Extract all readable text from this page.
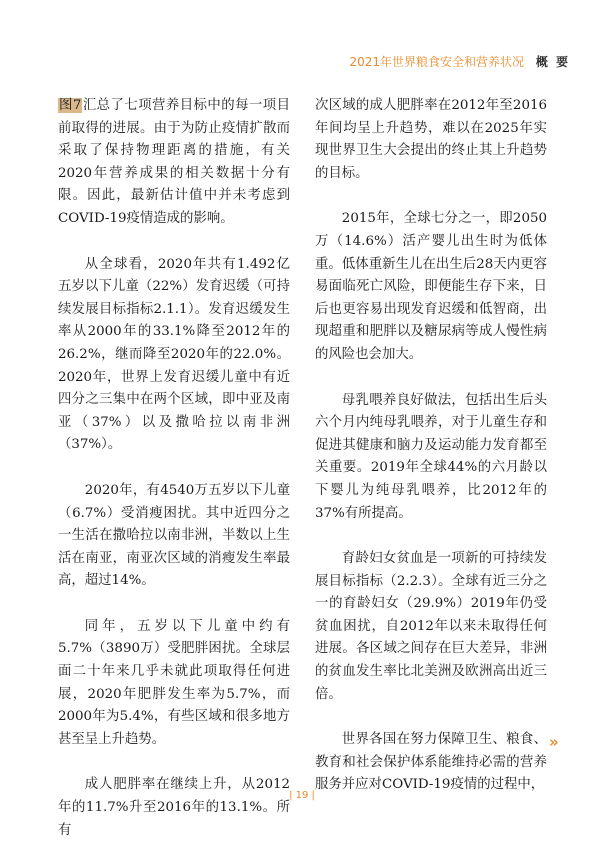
2021年世界粮食安全和营养状况 概 要

图7汇总了七项营养目标中的每一项目前取得的进展。由于为防止疫情扩散而采取了保持物理距离的措施，有关2020年营养成果的相关数据十分有限。因此，最新估计值中并未考虑到COVID-19疫情造成的影响。

从全球看，2020年共有1.492亿五岁以下儿童（22%）发育迟缓（可持续发展目标指标2.1.1）。发育迟缓发生率从2000年的33.1%降至2012年的26.2%，继而降至2020年的22.0%。2020年，世界上发育迟缓儿童中有近四分之三集中在两个区域，即中亚及南亚（37%）以及撒哈拉以南非洲（37%）。

2020年，有4540万五岁以下儿童（6.7%）受消瘦困扰。其中近四分之一生活在撒哈拉以南非洲，半数以上生活在南亚，南亚次区域的消瘦发生率最高，超过14%。

同年，五岁以下儿童中约有5.7%（3890万）受肥胖困扰。全球层面二十年来几乎未就此项取得任何进展，2020年肥胖发生率为5.7%，而2000年为5.4%，有些区域和很多地方甚至呈上升趋势。

成人肥胖率在继续上升，从2012年的11.7%升至2016年的13.1%。所有

次区域的成人肥胖率在2012年至2016年间均呈上升趋势，难以在2025年实现世界卫生大会提出的终止其上升趋势的目标。

2015年，全球七分之一，即2050万（14.6%）活产婴儿出生时为低体重。低体重新生儿在出生后28天内更容易面临死亡风险，即便能生存下来，日后也更容易出现发育迟缓和低智商，出现超重和肥胖以及糖尿病等成人慢性病的风险也会加大。

母乳喂养良好做法，包括出生后头六个月内纯母乳喂养，对于儿童生存和促进其健康和脑力及运动能力发育都至关重要。2019年全球44%的六月龄以下婴儿为纯母乳喂养，比2012年的37%有所提高。

育龄妇女贫血是一项新的可持续发展目标指标（2.2.3）。全球有近三分之一的育龄妇女（29.9%）2019年仍受贫血困扰，自2012年以来未取得任何进展。各区域之间存在巨大差异，非洲的贫血发生率比北美洲及欧洲高出近三倍。

世界各国在努力保障卫生、粮食、教育和社会保护体系能维持必需的营养服务并应对COVID-19疫情的过程中，

»
| 19 |
